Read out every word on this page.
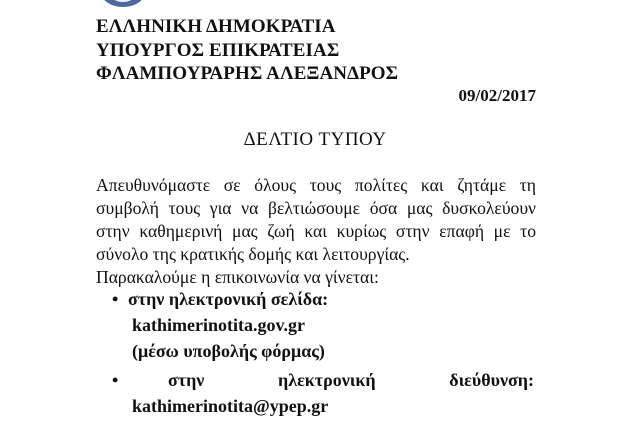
ΕΛΛΗΝΙΚΗ ΔΗΜΟΚΡΑΤΙΑ
ΥΠΟΥΡΓΟΣ ΕΠΙΚΡΑΤΕΙΑΣ
ΦΛΑΜΠΟΥΡΑΡΗΣ ΑΛΕΞΑΝΔΡΟΣ
09/02/2017
ΔΕΛΤΙΟ ΤΥΠΟΥ
Απευθυνόμαστε σε όλους τους πολίτες και ζητάμε τη
συμβολή τους για να βελτιώσουμε όσα μας δυσκολεύουν
στην καθημερινή μας ζωή και κυρίως στην επαφή με το
σύνολο της κρατικής δομής και λειτουργίας.
Παρακαλούμε η επικοινωνία να γίνεται:
• στην ηλεκτρονική σελίδα:
kathimerinotita.gov.gr
(μέσω υποβολής φόρμας)
•	στην	ηλεκτρονική	διεύθυνση:
kathimerinotita@ypep.gr
